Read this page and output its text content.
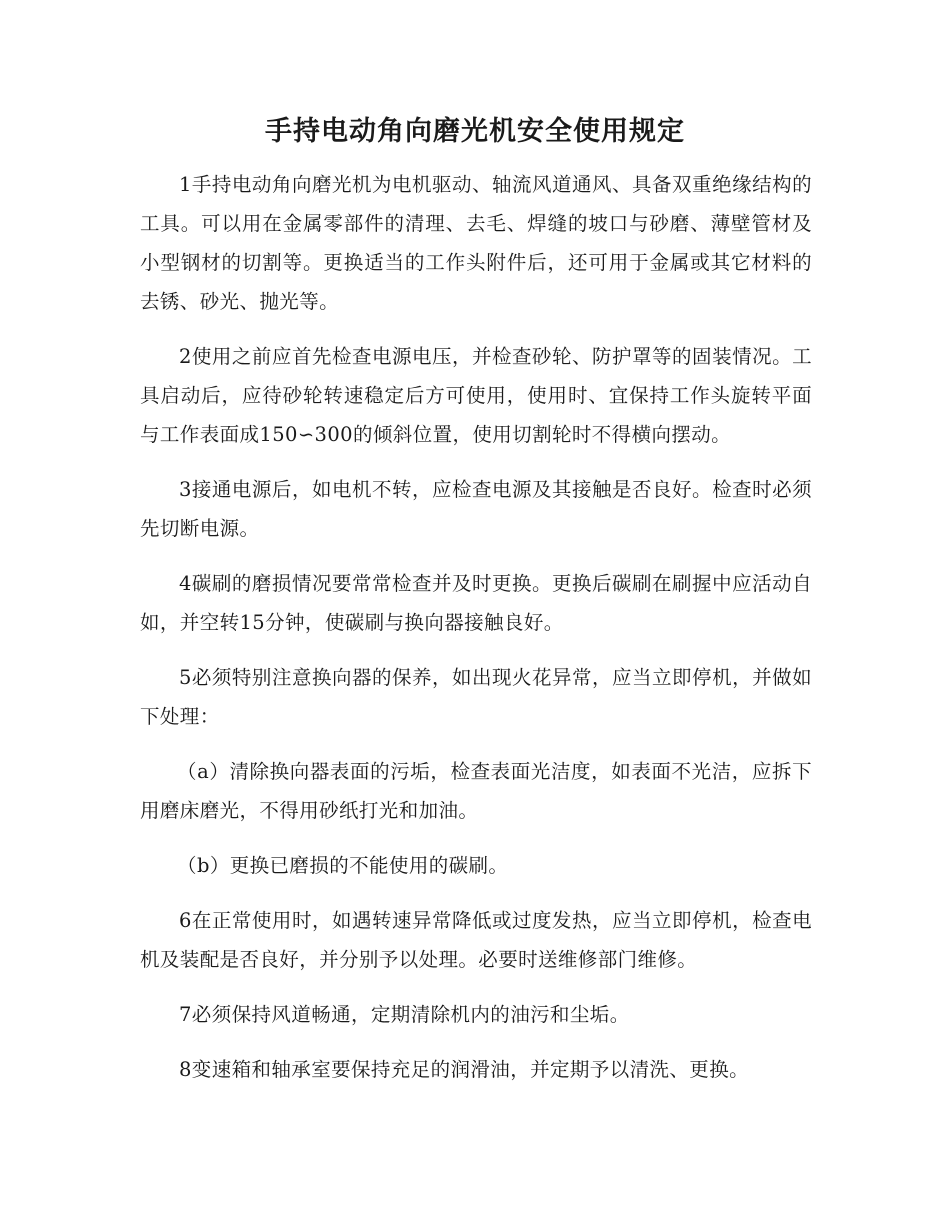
手持电动角向磨光机安全使用规定

1手持电动角向磨光机为电机驱动、轴流风道通风、具备双重绝缘结构的工具。可以用在金属零部件的清理、去毛、焊缝的坡口与砂磨、薄壁管材及小型钢材的切割等。更换适当的工作头附件后，还可用于金属或其它材料的去锈、砂光、抛光等。

2使用之前应首先检查电源电压，并检查砂轮、防护罩等的固装情况。工具启动后，应待砂轮转速稳定后方可使用，使用时、宜保持工作头旋转平面与工作表面成150∽300的倾斜位置，使用切割轮时不得横向摆动。

3接通电源后，如电机不转，应检查电源及其接触是否良好。检查时必须先切断电源。

4碳刷的磨损情况要常常检查并及时更换。更换后碳刷在刷握中应活动自如，并空转15分钟，使碳刷与换向器接触良好。

5必须特别注意换向器的保养，如出现火花异常，应当立即停机，并做如下处理：

（a）清除换向器表面的污垢，检查表面光洁度，如表面不光洁，应拆下用磨床磨光，不得用砂纸打光和加油。

（b）更换已磨损的不能使用的碳刷。

6在正常使用时，如遇转速异常降低或过度发热，应当立即停机，检查电机及装配是否良好，并分别予以处理。必要时送维修部门维修。

7必须保持风道畅通，定期清除机内的油污和尘垢。

8变速箱和轴承室要保持充足的润滑油，并定期予以清洗、更换。
